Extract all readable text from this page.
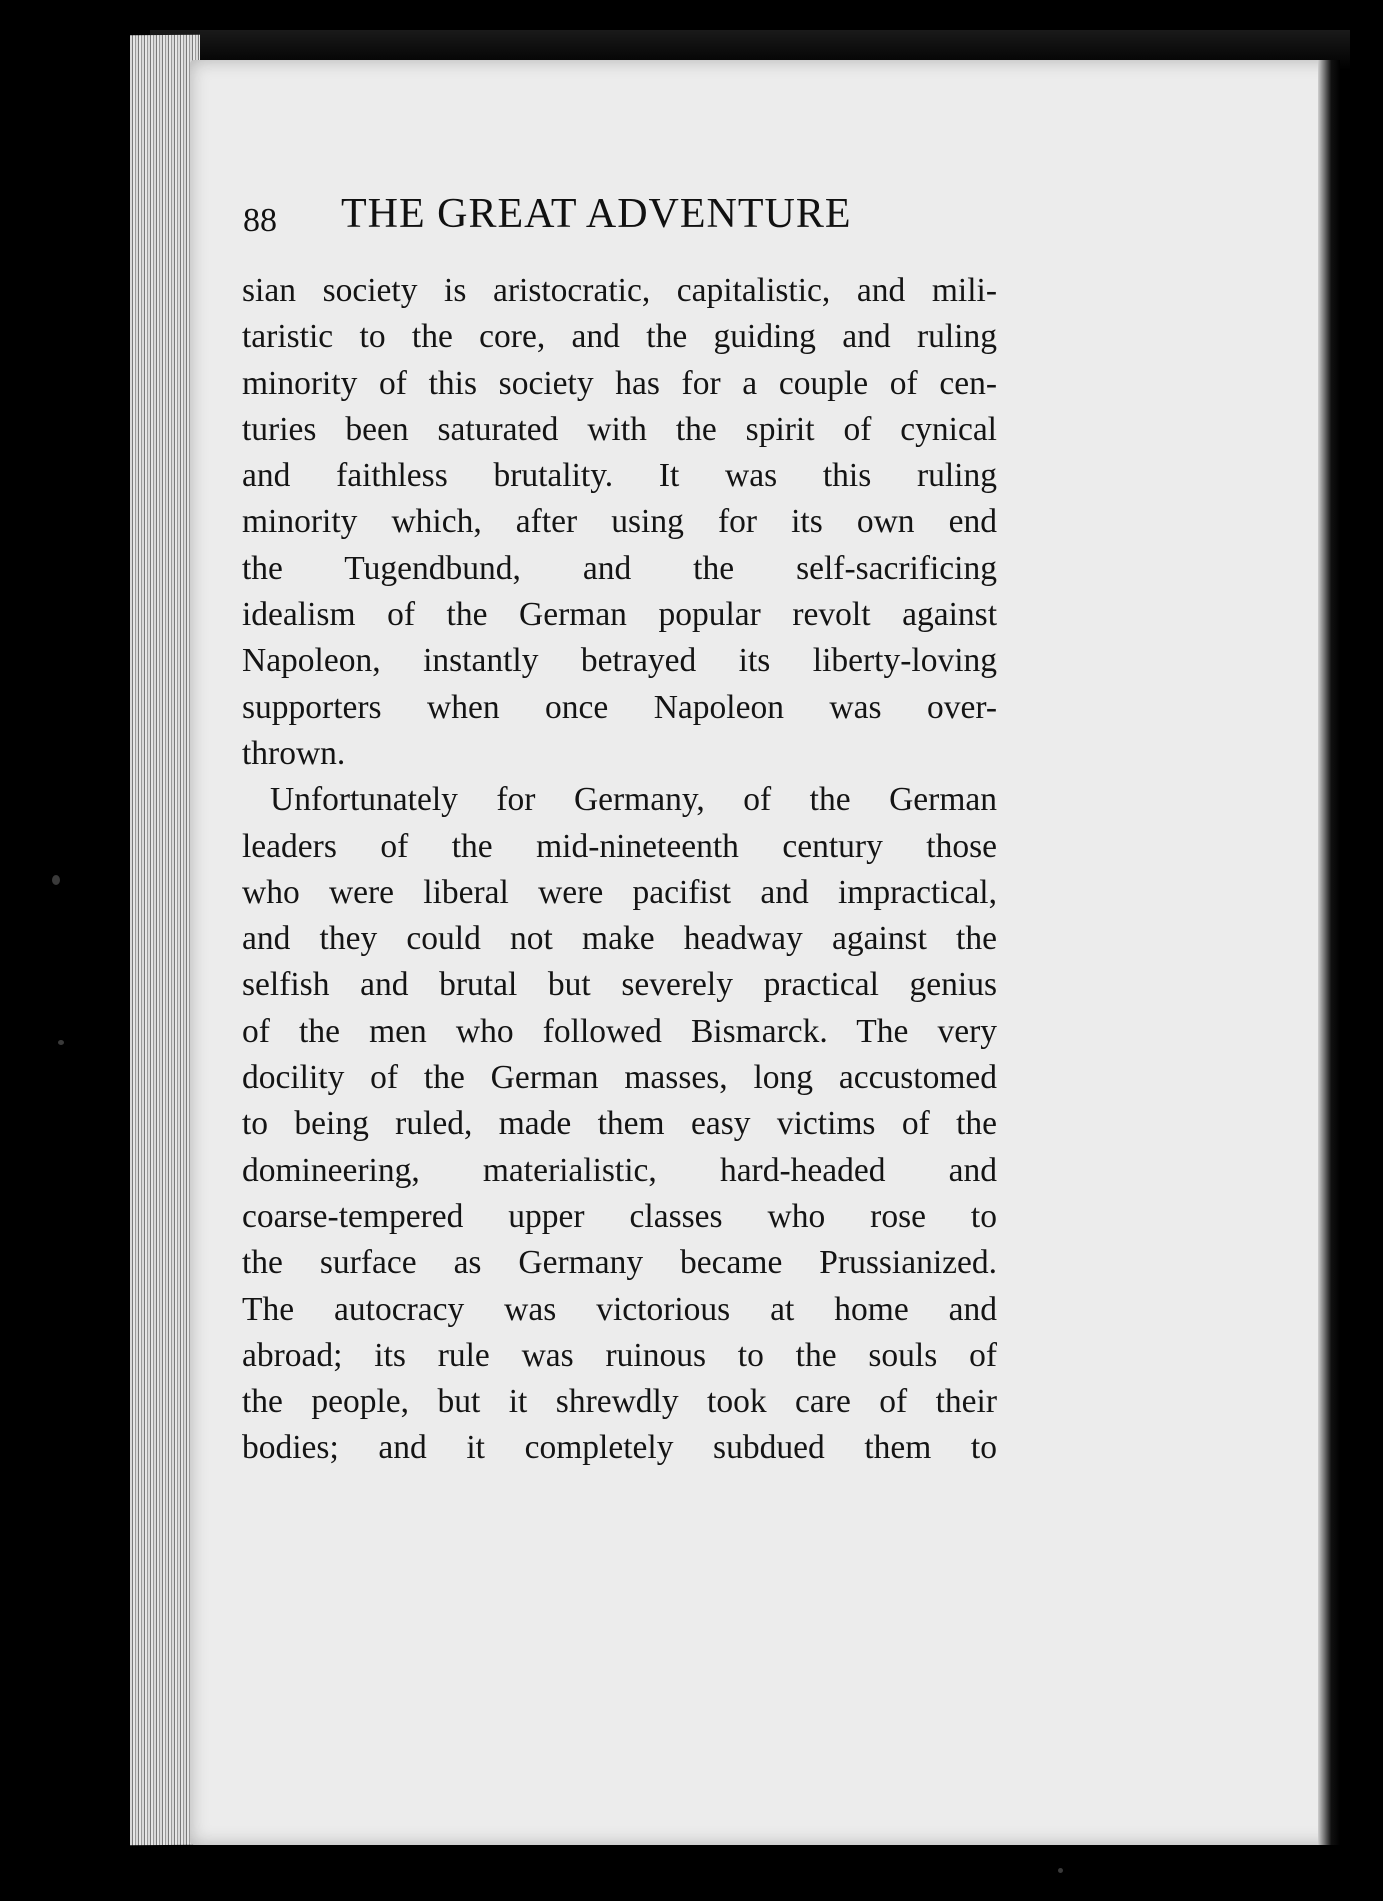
88 THE GREAT ADVENTURE
sian society is aristocratic, capitalistic, and mili-
taristic to the core, and the guiding and ruling
minority of this society has for a couple of cen-
turies been saturated with the spirit of cynical
and faithless brutality. It was this ruling
minority which, after using for its own end
the Tugendbund, and the self-sacrificing
idealism of the German popular revolt against
Napoleon, instantly betrayed its liberty-loving
supporters when once Napoleon was over-
thrown.
Unfortunately for Germany, of the German
leaders of the mid-nineteenth century those
who were liberal were pacifist and impractical,
and they could not make headway against the
selfish and brutal but severely practical genius
of the men who followed Bismarck. The very
docility of the German masses, long accustomed
to being ruled, made them easy victims of the
domineering, materialistic, hard-headed and
coarse-tempered upper classes who rose to
the surface as Germany became Prussianized.
The autocracy was victorious at home and
abroad; its rule was ruinous to the souls of
the people, but it shrewdly took care of their
bodies; and it completely subdued them to
